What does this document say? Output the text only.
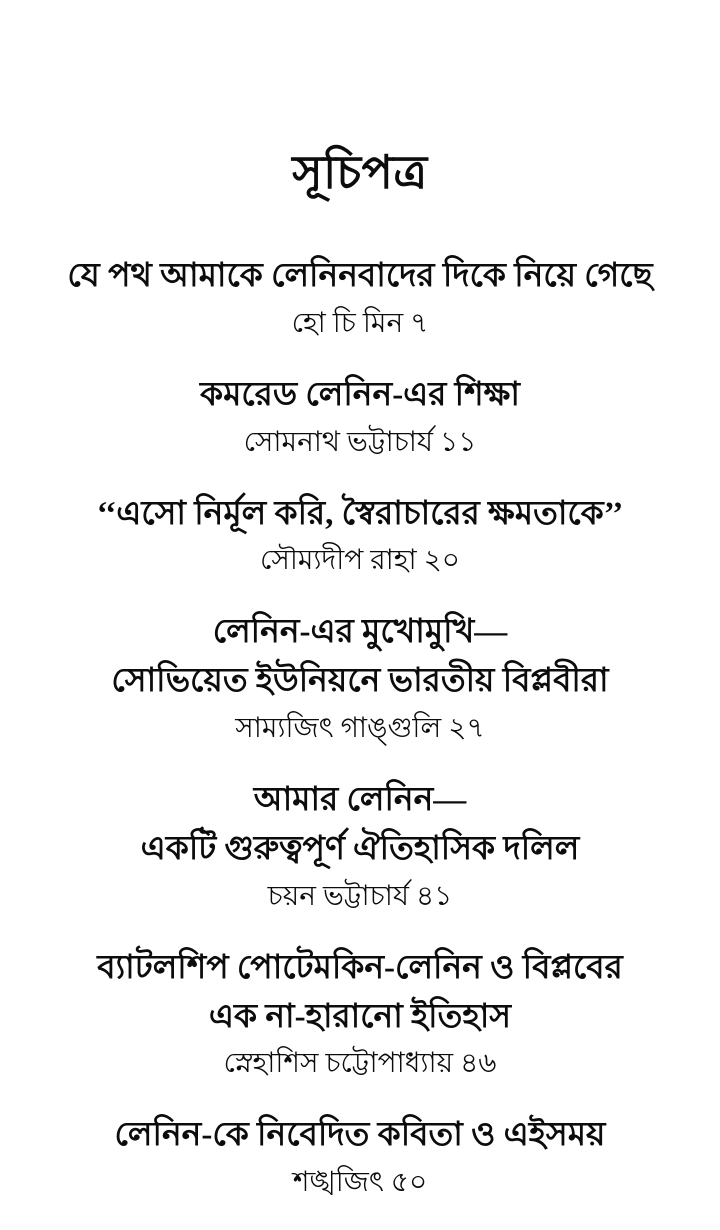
সূচিপত্র
যে পথ আমাকে লেনিনবাদের দিকে নিয়ে গেছে
হো চি মিন ৭
কমরেড লেনিন-এর শিক্ষা
সোমনাথ ভট্টাচার্য ১১
‘‘এসো নির্মূল করি, স্বৈরাচারের ক্ষমতাকে’’
সৌম্যদীপ রাহা ২০
লেনিন-এর মুখোমুখি—
সোভিয়েত ইউনিয়নে ভারতীয় বিপ্লবীরা
সাম্যজিৎ গাঙ্গুলি ২৭
আমার লেনিন—
একটি গুরুত্বপূর্ণ ঐতিহাসিক দলিল
চয়ন ভট্টাচার্য ৪১
ব্যাটলশিপ পোটেমকিন-লেনিন ও বিপ্লবের
এক না-হারানো ইতিহাস
স্নেহাশিস চট্টোপাধ্যায় ৪৬
লেনিন-কে নিবেদিত কবিতা ও এইসময়
শঙ্খজিৎ ৫০
